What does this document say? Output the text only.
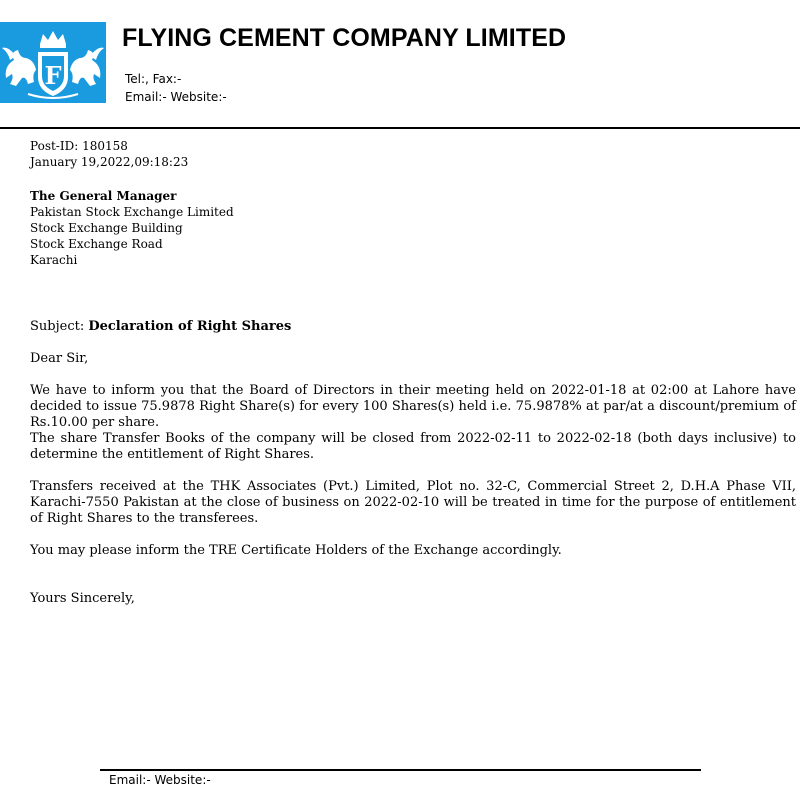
F
FLYING CEMENT COMPANY LIMITED
Tel:, Fax:-
Email:- Website:-
Post-ID: 180158
January 19,2022,09:18:23
The General Manager
Pakistan Stock Exchange Limited
Stock Exchange Building
Stock Exchange Road
Karachi

Subject: Declaration of Right Shares

Dear Sir,

We have to inform you that the Board of Directors in their meeting held on 2022-01-18 at 02:00 at Lahore have decided to issue 75.9878 Right Share(s) for every 100 Shares(s) held i.e. 75.9878% at par/at a discount/premium of Rs.10.00 per share.

The share Transfer Books of the company will be closed from 2022-02-11 to 2022-02-18 (both days inclusive) to determine the entitlement of Right Shares.

Transfers received at the THK Associates (Pvt.) Limited, Plot no. 32-C, Commercial Street 2, D.H.A Phase VII, Karachi-7550 Pakistan at the close of business on 2022-02-10 will be treated in time for the purpose of entitlement of Right Shares to the transferees.

You may please inform the TRE Certificate Holders of the Exchange accordingly.

Yours Sincerely,

Email:- Website:-
